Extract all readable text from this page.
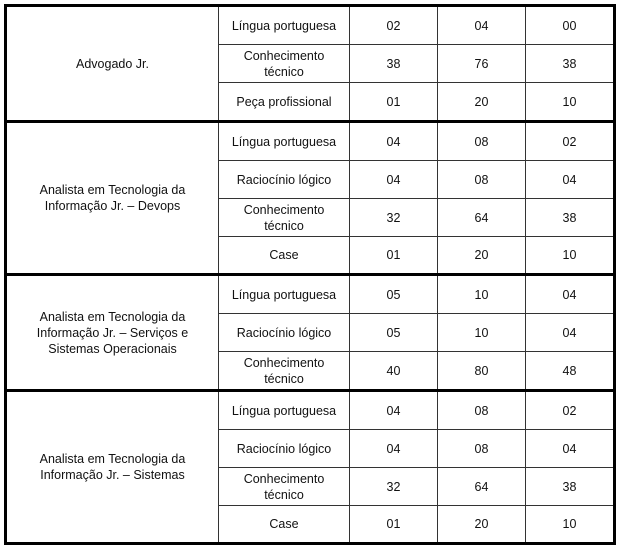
Advogado Jr.	Língua portuguesa	02	04	00
	Conhecimento técnico	38	76	38
	Peça profissional	01	20	10
Analista em Tecnologia da Informação Jr. – Devops	Língua portuguesa	04	08	02
	Raciocínio lógico	04	08	04
	Conhecimento técnico	32	64	38
	Case	01	20	10
Analista em Tecnologia da Informação Jr. – Serviços e Sistemas Operacionais	Língua portuguesa	05	10	04
	Raciocínio lógico	05	10	04
	Conhecimento técnico	40	80	48
Analista em Tecnologia da Informação Jr. – Sistemas	Língua portuguesa	04	08	02
	Raciocínio lógico	04	08	04
	Conhecimento técnico	32	64	38
	Case	01	20	10
